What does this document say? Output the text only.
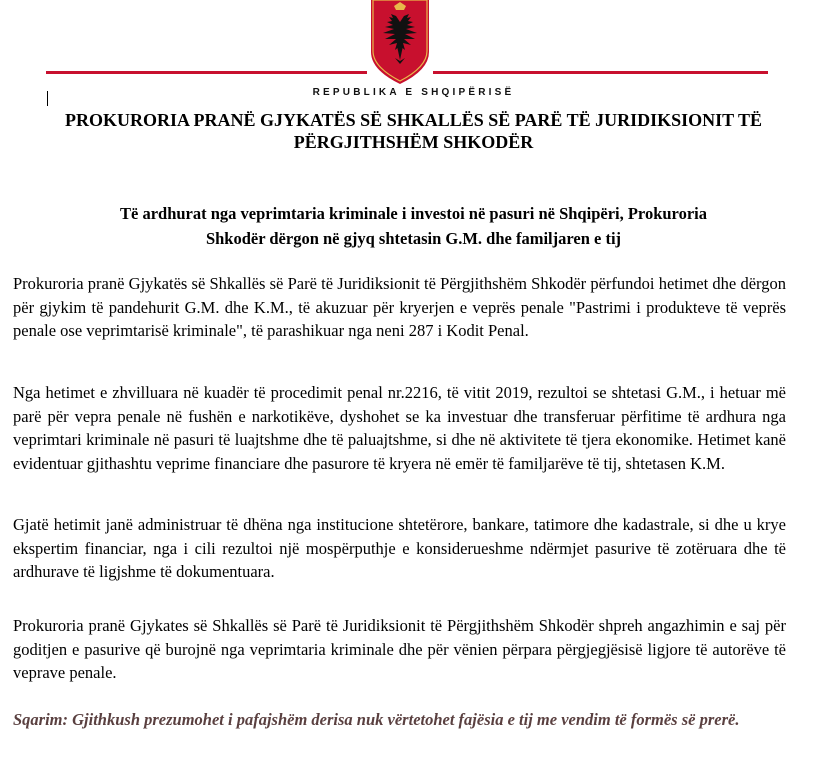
REPUBLIKA E SHQIPËRISË
PROKURORIA PRANË GJYKATËS SË SHKALLËS SË PARË TË JURIDIKSIONIT TË PËRGJITHSHËM SHKODËR
Të ardhurat nga veprimtaria kriminale i investoi në pasuri në Shqipëri, Prokuroria
Shkodër dërgon në gjyq shtetasin G.M. dhe familjaren e tij

Prokuroria pranë Gjykatës së Shkallës së Parë të Juridiksionit të Përgjithshëm Shkodër përfundoi hetimet dhe dërgon për gjykim të pandehurit G.M. dhe K.M., të akuzuar për kryerjen e veprës penale "Pastrimi i produkteve të veprës penale ose veprimtarisë kriminale", të parashikuar nga neni 287 i Kodit Penal.

Nga hetimet e zhvilluara në kuadër të procedimit penal nr.2216, të vitit 2019, rezultoi se shtetasi G.M., i hetuar më parë për vepra penale në fushën e narkotikëve, dyshohet se ka investuar dhe transferuar përfitime të ardhura nga veprimtari kriminale në pasuri të luajtshme dhe të paluajtshme, si dhe në aktivitete të tjera ekonomike. Hetimet kanë evidentuar gjithashtu veprime financiare dhe pasurore të kryera në emër të familjarëve të tij, shtetasen K.M.

Gjatë hetimit janë administruar të dhëna nga institucione shtetërore, bankare, tatimore dhe kadastrale, si dhe u krye ekspertim financiar, nga i cili rezultoi një mospërputhje e konsiderueshme ndërmjet pasurive të zotëruara dhe të ardhurave të ligjshme të dokumentuara.

Prokuroria pranë Gjykates së Shkallës së Parë të Juridiksionit të Përgjithshëm Shkodër shpreh angazhimin e saj për goditjen e pasurive që burojnë nga veprimtaria kriminale dhe për vënien përpara përgjegjësisë ligjore të autorëve të veprave penale.

Sqarim: Gjithkush prezumohet i pafajshëm derisa nuk vërtetohet fajësia e tij me vendim të formës së prerë.
